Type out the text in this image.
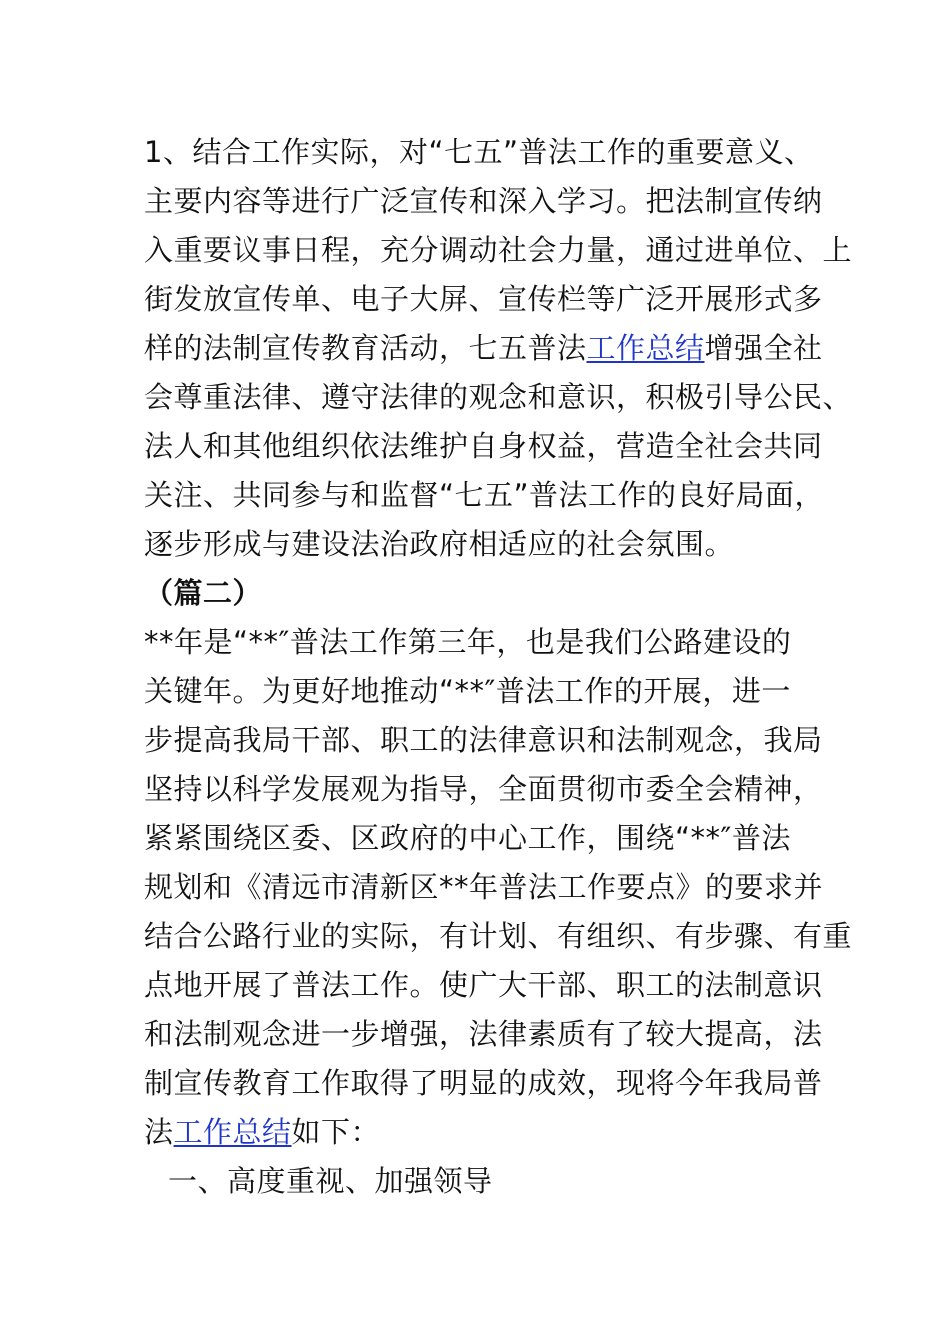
1、结合工作实际，对“七五”普法工作的重要意义、
主要内容等进行广泛宣传和深入学习。把法制宣传纳
入重要议事日程，充分调动社会力量，通过进单位、上
街发放宣传单、电子大屏、宣传栏等广泛开展形式多
样的法制宣传教育活动，七五普法工作总结增强全社
会尊重法律、遵守法律的观念和意识，积极引导公民、
法人和其他组织依法维护自身权益，营造全社会共同
关注、共同参与和监督“七五”普法工作的良好局面，
逐步形成与建设法治政府相适应的社会氛围。
（篇二）
**年是“**″普法工作第三年，也是我们公路建设的
关键年。为更好地推动“**″普法工作的开展，进一
步提高我局干部、职工的法律意识和法制观念，我局
坚持以科学发展观为指导，全面贯彻市委全会精神，
紧紧围绕区委、区政府的中心工作，围绕“**″普法
规划和《清远市清新区**年普法工作要点》的要求并
结合公路行业的实际，有计划、有组织、有步骤、有重
点地开展了普法工作。使广大干部、职工的法制意识
和法制观念进一步增强，法律素质有了较大提高，法
制宣传教育工作取得了明显的成效，现将今年我局普
法工作总结如下：
一、高度重视、加强领导
